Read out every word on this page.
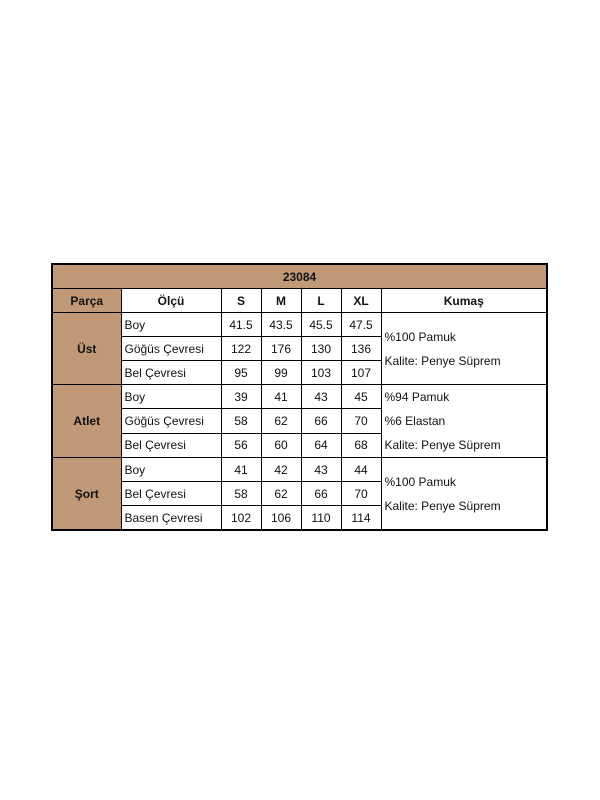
23084						
Parça	Ölçü	S	M	L	XL	Kumaş
Üst	Boy	41.5	43.5	45.5	47.5	%100 Pamuk
Kalite: Penye Süprem

	Göğüs Çevresi	122	176	130	136	
	Bel Çevresi	95	99	103	107	
Atlet	Boy	39	41	43	45	%94 Pamuk
%6 Elastan
Kalite: Penye Süprem

	Göğüs Çevresi	58	62	66	70	
	Bel Çevresi	56	60	64	68	
Şort	Boy	41	42	43	44	%100 Pamuk
Kalite: Penye Süprem

	Bel Çevresi	58	62	66	70	
	Basen Çevresi	102	106	110	114	
